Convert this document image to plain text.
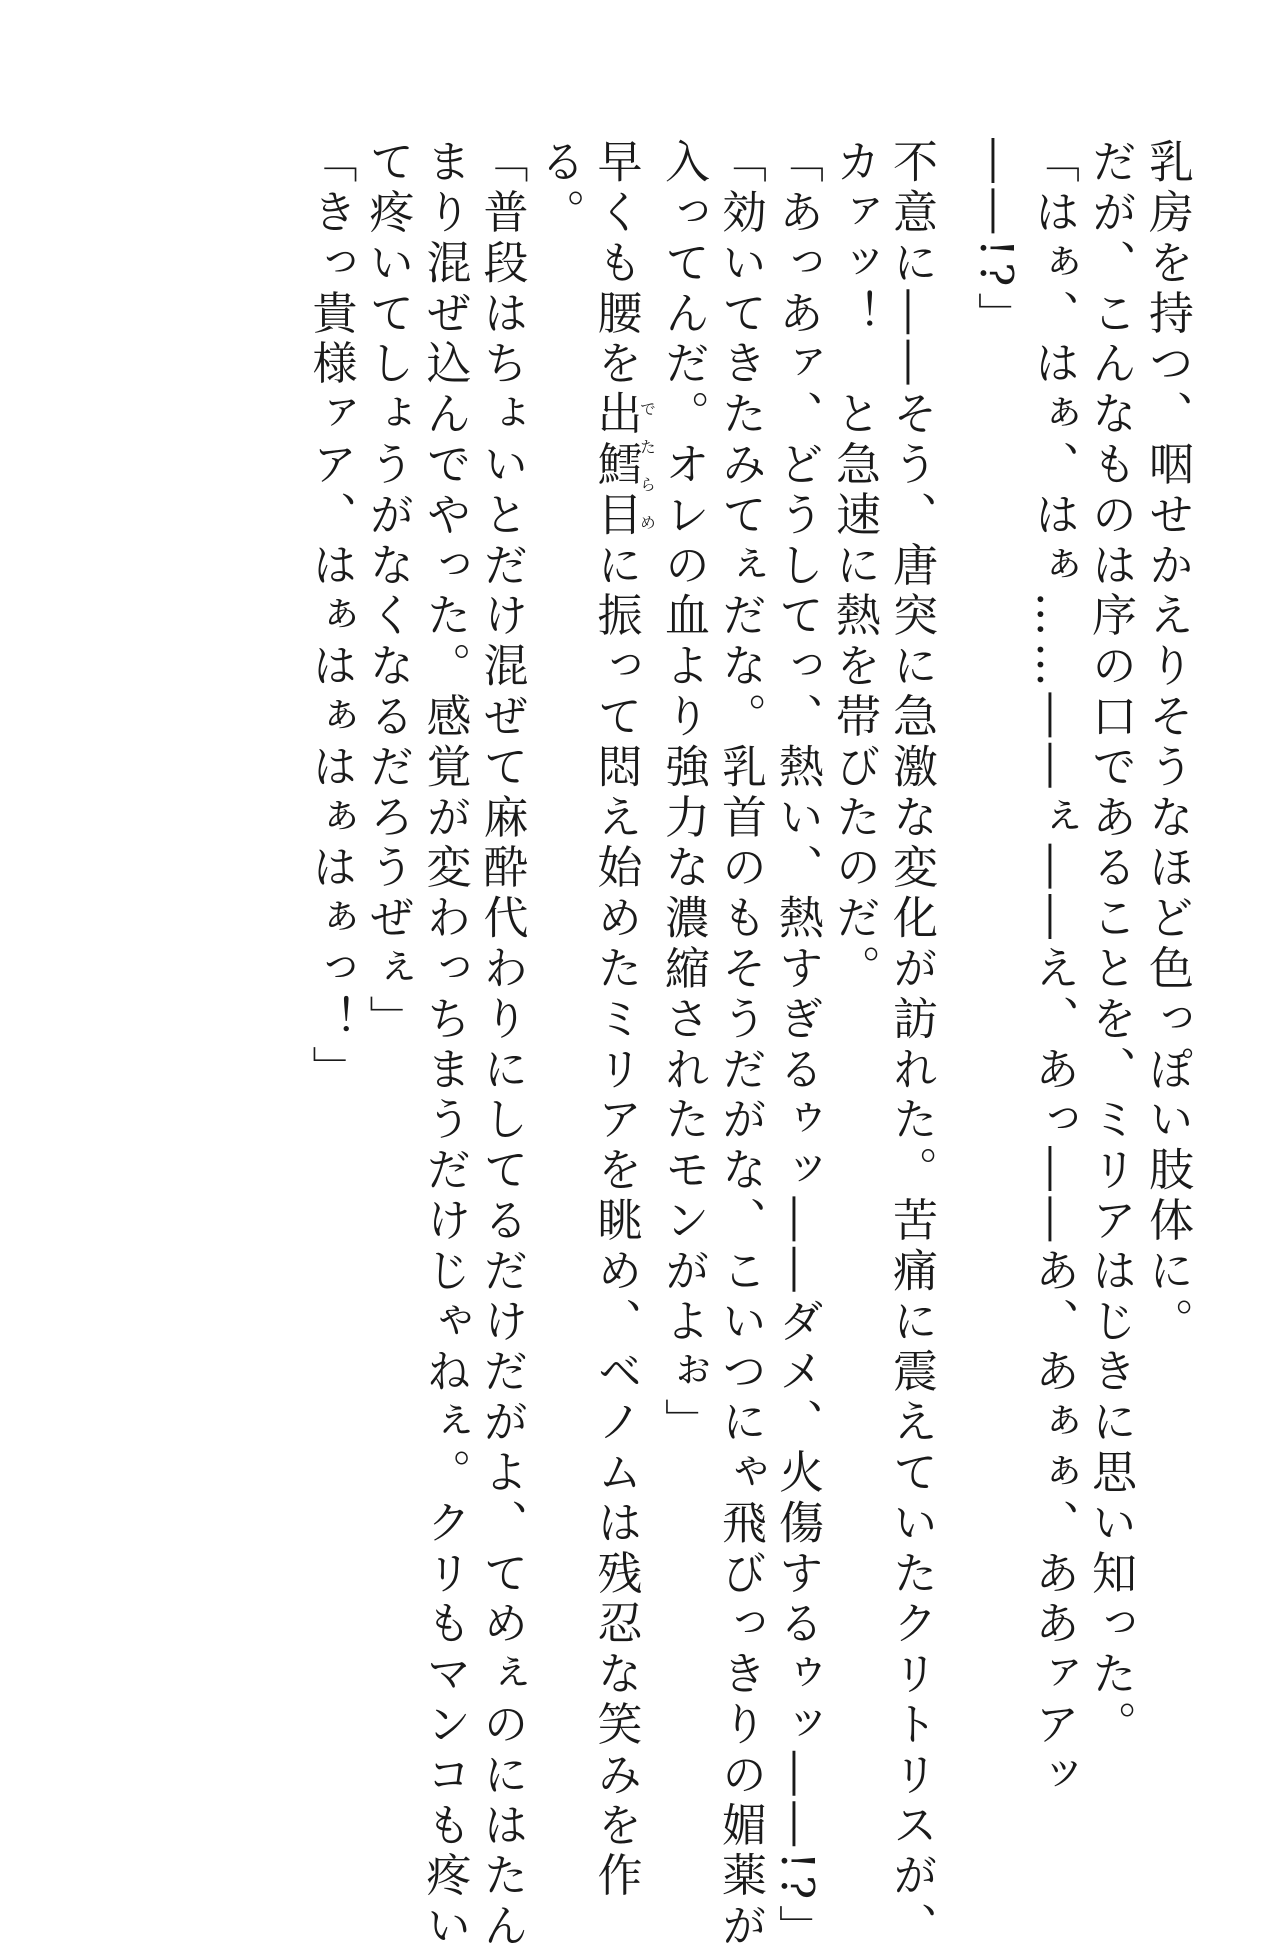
乳房を持つ、咽せかえりそうなほど色っぽい肢体に。

だが、こんなものは序の口であることを、ミリアはじきに思い知った。

「はぁ、はぁ、はぁ……――ぇ――え、あっ――あ、あぁぁ、ああァアッ

――!?」

不意に――そう、唐突に急激な変化が訪れた。苦痛に震えていたクリトリスが、

カァッ！　と急速に熱を帯びたのだ。

「あっあァ、どうしてっ、熱い、熱すぎるゥッ――ダメ、火傷するゥッ――!?」

「効いてきたみてぇだな。乳首のもそうだがな、こいつにゃ飛びっきりの媚薬が

入ってんだ。オレの血より強力な濃縮されたモンがよぉ」

早くも腰を出鱈目でたらめに振って悶え始めたミリアを眺め、ベノムは残忍な笑みを作

る。

「普段はちょいとだけ混ぜて麻酔代わりにしてるだけだがよ、てめぇのにはたん

まり混ぜ込んでやった。感覚が変わっちまうだけじゃねぇ。クリもマンコも疼い

て疼いてしょうがなくなるだろうぜぇ」

「きっ貴様ァア、はぁはぁはぁはぁっ！」
